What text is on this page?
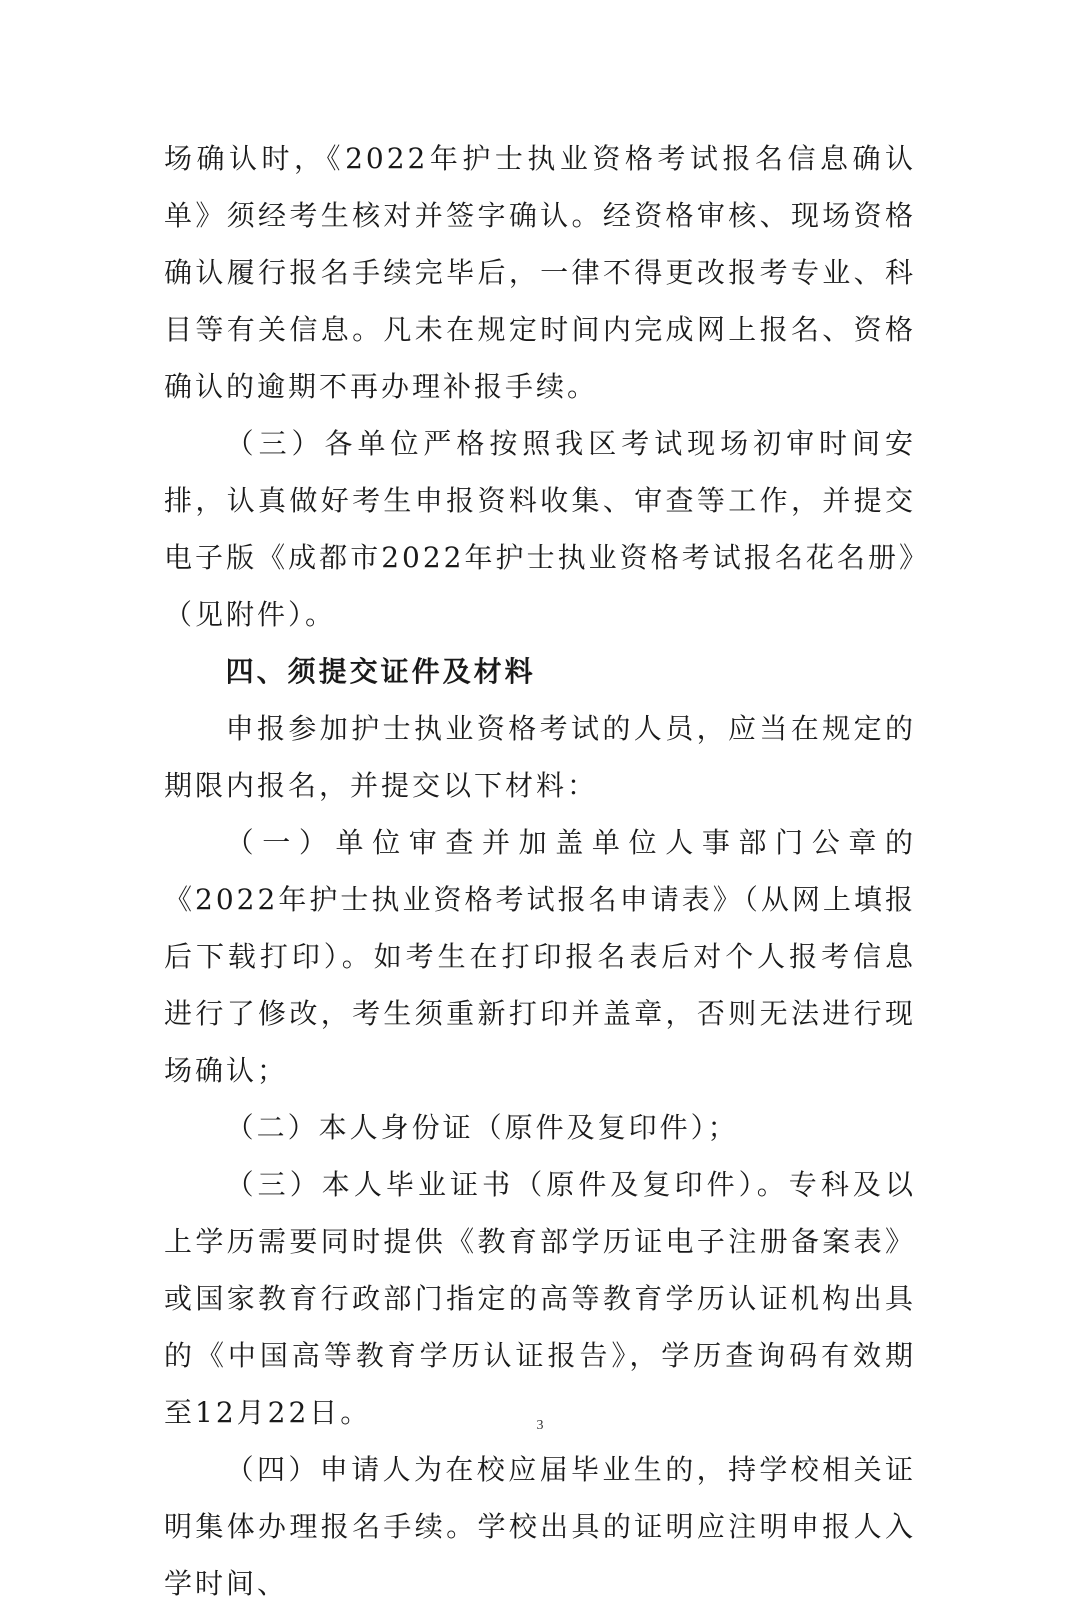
场确认时，《2022年护士执业资格考试报名信息确认单》须经考生核对并签字确认。经资格审核、现场资格确认履行报名手续完毕后，一律不得更改报考专业、科目等有关信息。凡未在规定时间内完成网上报名、资格确认的逾期不再办理补报手续。

（三）各单位严格按照我区考试现场初审时间安排，认真做好考生申报资料收集、审查等工作，并提交电子版《成都市2022年护士执业资格考试报名花名册》（见附件）。

四、须提交证件及材料

申报参加护士执业资格考试的人员，应当在规定的期限内报名，并提交以下材料：

（一）单位审查并加盖单位人事部门公章的《2022年护士执业资格考试报名申请表》（从网上填报后下载打印）。如考生在打印报名表后对个人报考信息进行了修改，考生须重新打印并盖章，否则无法进行现场确认；

（二）本人身份证（原件及复印件）；

（三）本人毕业证书（原件及复印件）。专科及以上学历需要同时提供《教育部学历证电子注册备案表》或国家教育行政部门指定的高等教育学历认证机构出具的《中国高等教育学历认证报告》，学历查询码有效期至12月22日。

（四）申请人为在校应届毕业生的，持学校相关证明集体办理报名手续。学校出具的证明应注明申报人入学时间、

3
